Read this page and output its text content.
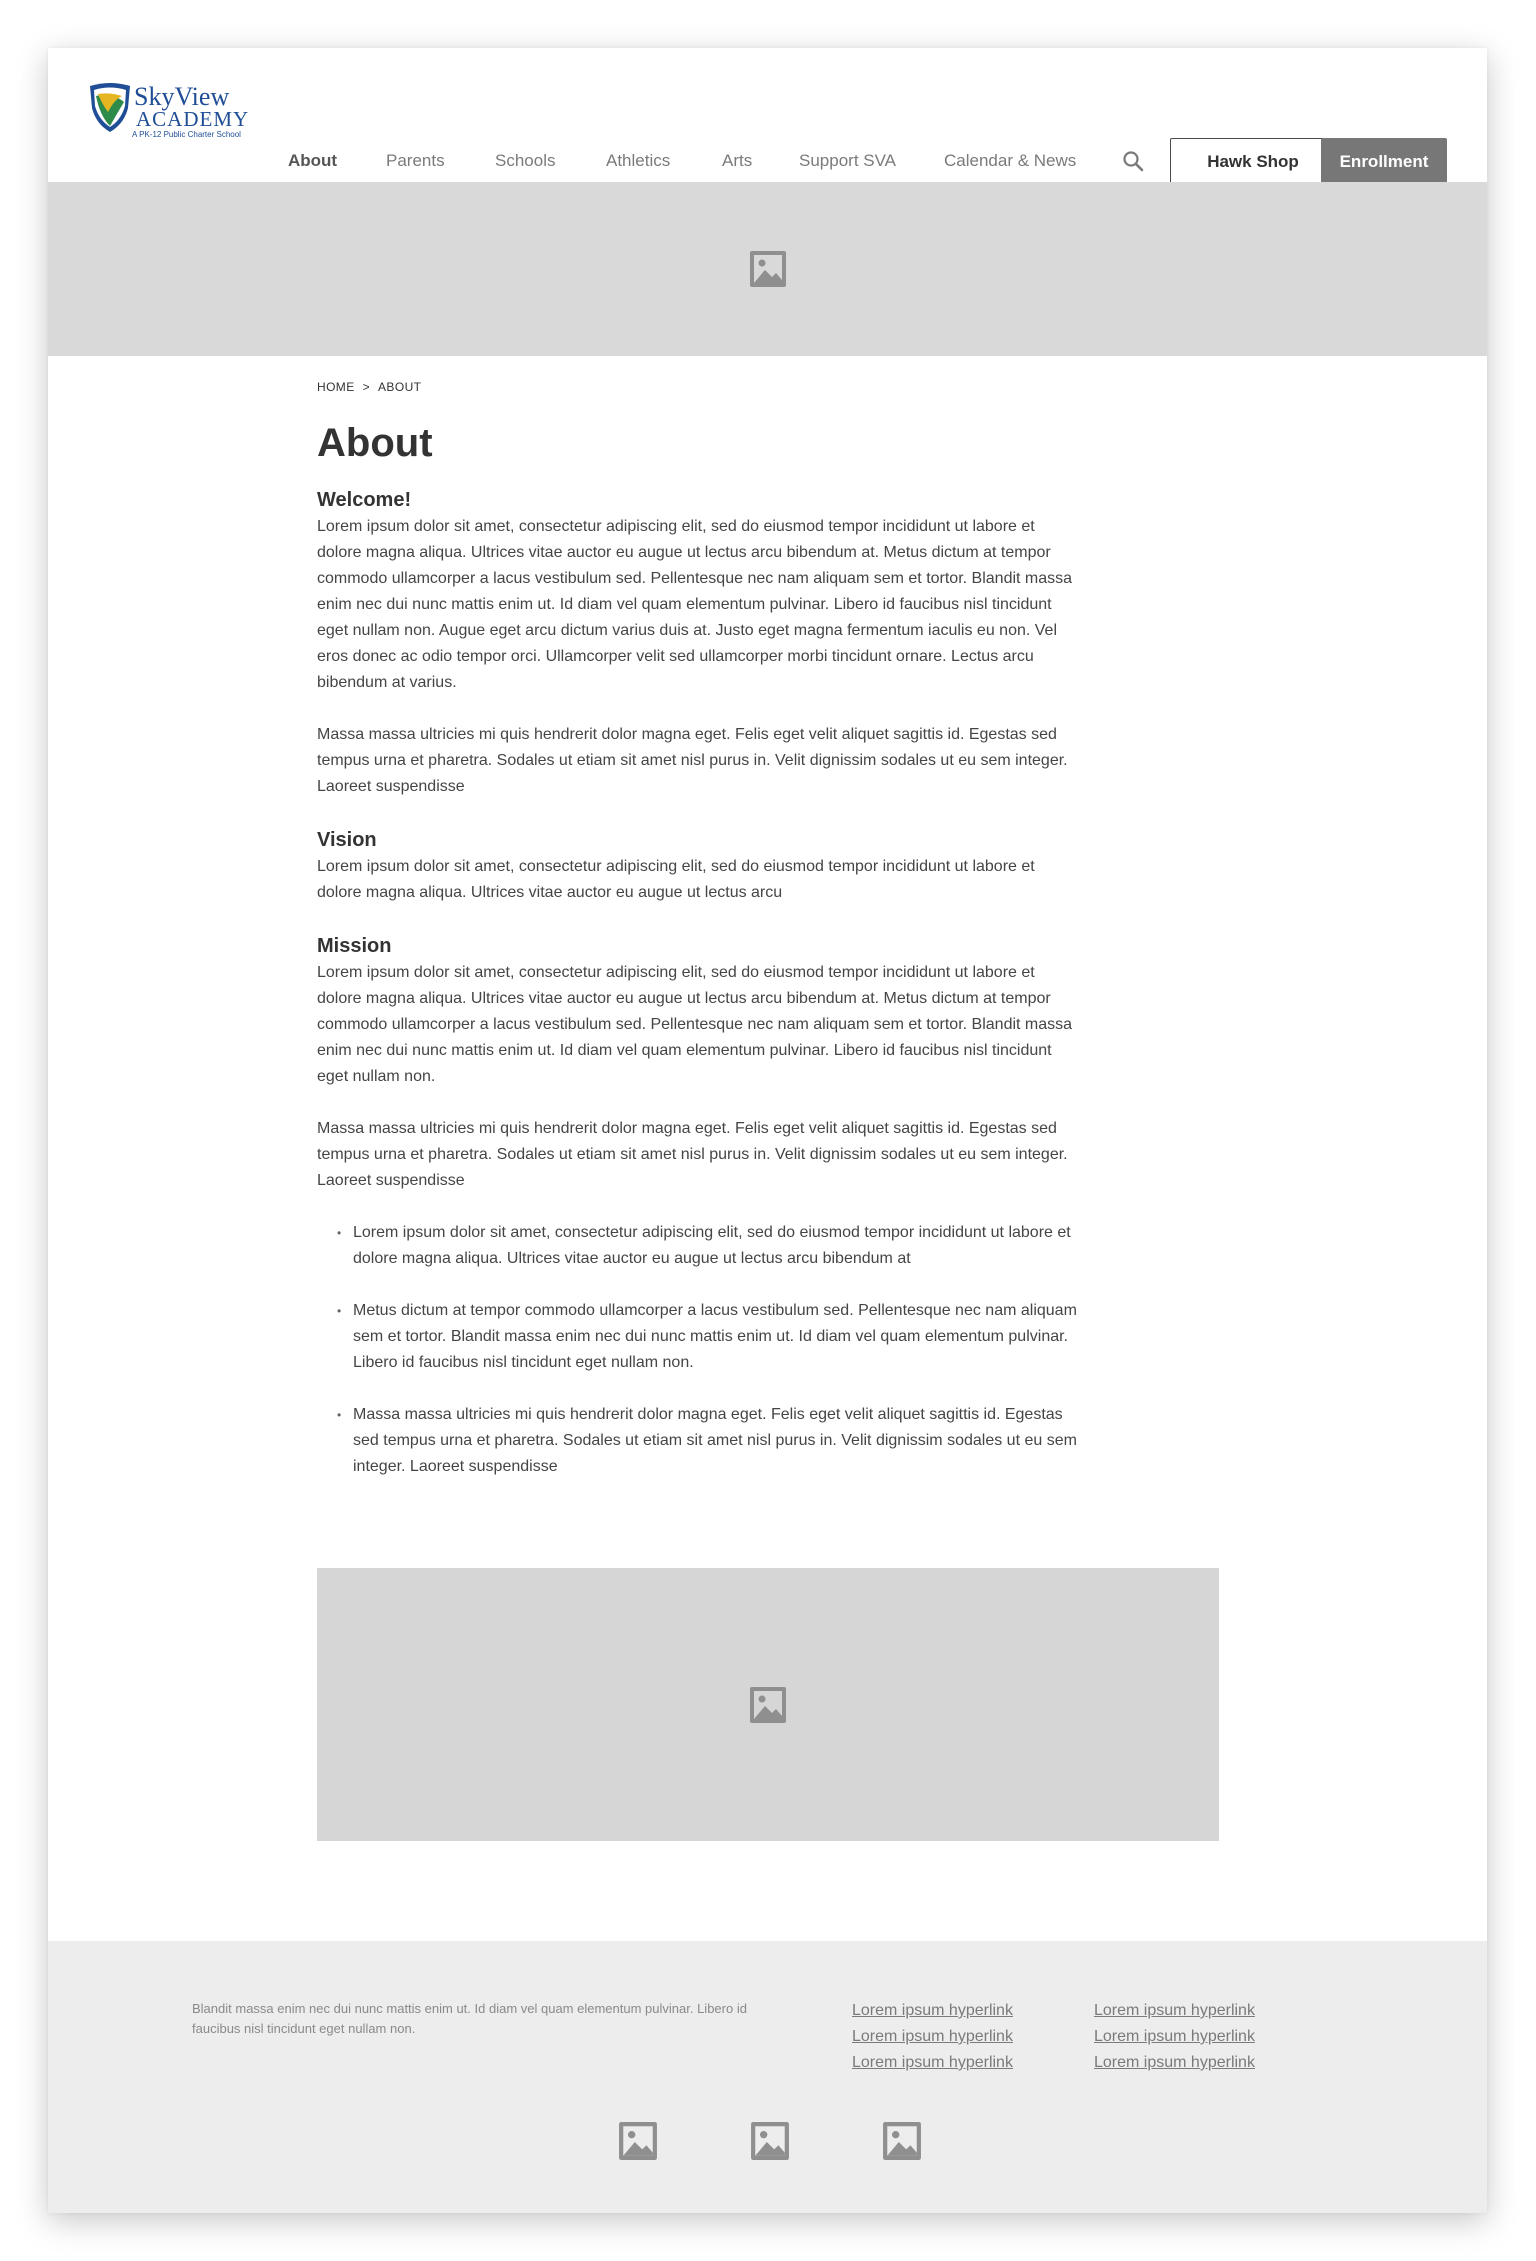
SkyView
ACADEMY
A PK-12 Public Charter School
About	Parents	Schools	Athletics	Arts	Support SVA	Calendar & News	Hawk Shop	Enrollment
HOME > ABOUT
About
Welcome!

Lorem ipsum dolor sit amet, consectetur adipiscing elit, sed do eiusmod tempor incididunt ut labore et dolore magna aliqua. Ultrices vitae auctor eu augue ut lectus arcu bibendum at. Metus dictum at tempor commodo ullamcorper a lacus vestibulum sed. Pellentesque nec nam aliquam sem et tortor. Blandit massa enim nec dui nunc mattis enim ut. Id diam vel quam elementum pulvinar. Libero id faucibus nisl tincidunt eget nullam non. Augue eget arcu dictum varius duis at. Justo eget magna fermentum iaculis eu non. Vel eros donec ac odio tempor orci. Ullamcorper velit sed ullamcorper morbi tincidunt ornare. Lectus arcu bibendum at varius.

Massa massa ultricies mi quis hendrerit dolor magna eget. Felis eget velit aliquet sagittis id. Egestas sed tempus urna et pharetra. Sodales ut etiam sit amet nisl purus in. Velit dignissim sodales ut eu sem integer. Laoreet suspendisse

Vision

Lorem ipsum dolor sit amet, consectetur adipiscing elit, sed do eiusmod tempor incididunt ut labore et dolore magna aliqua. Ultrices vitae auctor eu augue ut lectus arcu

Mission

Lorem ipsum dolor sit amet, consectetur adipiscing elit, sed do eiusmod tempor incididunt ut labore et dolore magna aliqua. Ultrices vitae auctor eu augue ut lectus arcu bibendum at. Metus dictum at tempor commodo ullamcorper a lacus vestibulum sed. Pellentesque nec nam aliquam sem et tortor. Blandit massa enim nec dui nunc mattis enim ut. Id diam vel quam elementum pulvinar. Libero id faucibus nisl tincidunt eget nullam non.

Massa massa ultricies mi quis hendrerit dolor magna eget. Felis eget velit aliquet sagittis id. Egestas sed tempus urna et pharetra. Sodales ut etiam sit amet nisl purus in. Velit dignissim sodales ut eu sem integer. Laoreet suspendisse

• Lorem ipsum dolor sit amet, consectetur adipiscing elit, sed do eiusmod tempor incididunt ut labore et dolore magna aliqua. Ultrices vitae auctor eu augue ut lectus arcu bibendum at
• Metus dictum at tempor commodo ullamcorper a lacus vestibulum sed. Pellentesque nec nam aliquam sem et tortor. Blandit massa enim nec dui nunc mattis enim ut. Id diam vel quam elementum pulvinar. Libero id faucibus nisl tincidunt eget nullam non.
• Massa massa ultricies mi quis hendrerit dolor magna eget. Felis eget velit aliquet sagittis id. Egestas sed tempus urna et pharetra. Sodales ut etiam sit amet nisl purus in. Velit dignissim sodales ut eu sem integer. Laoreet suspendisse
Blandit massa enim nec dui nunc mattis enim ut. Id diam vel quam elementum pulvinar. Libero id faucibus nisl tincidunt eget nullam non.
Lorem ipsum hyperlink
Lorem ipsum hyperlink
Lorem ipsum hyperlink
Lorem ipsum hyperlink
Lorem ipsum hyperlink
Lorem ipsum hyperlink
